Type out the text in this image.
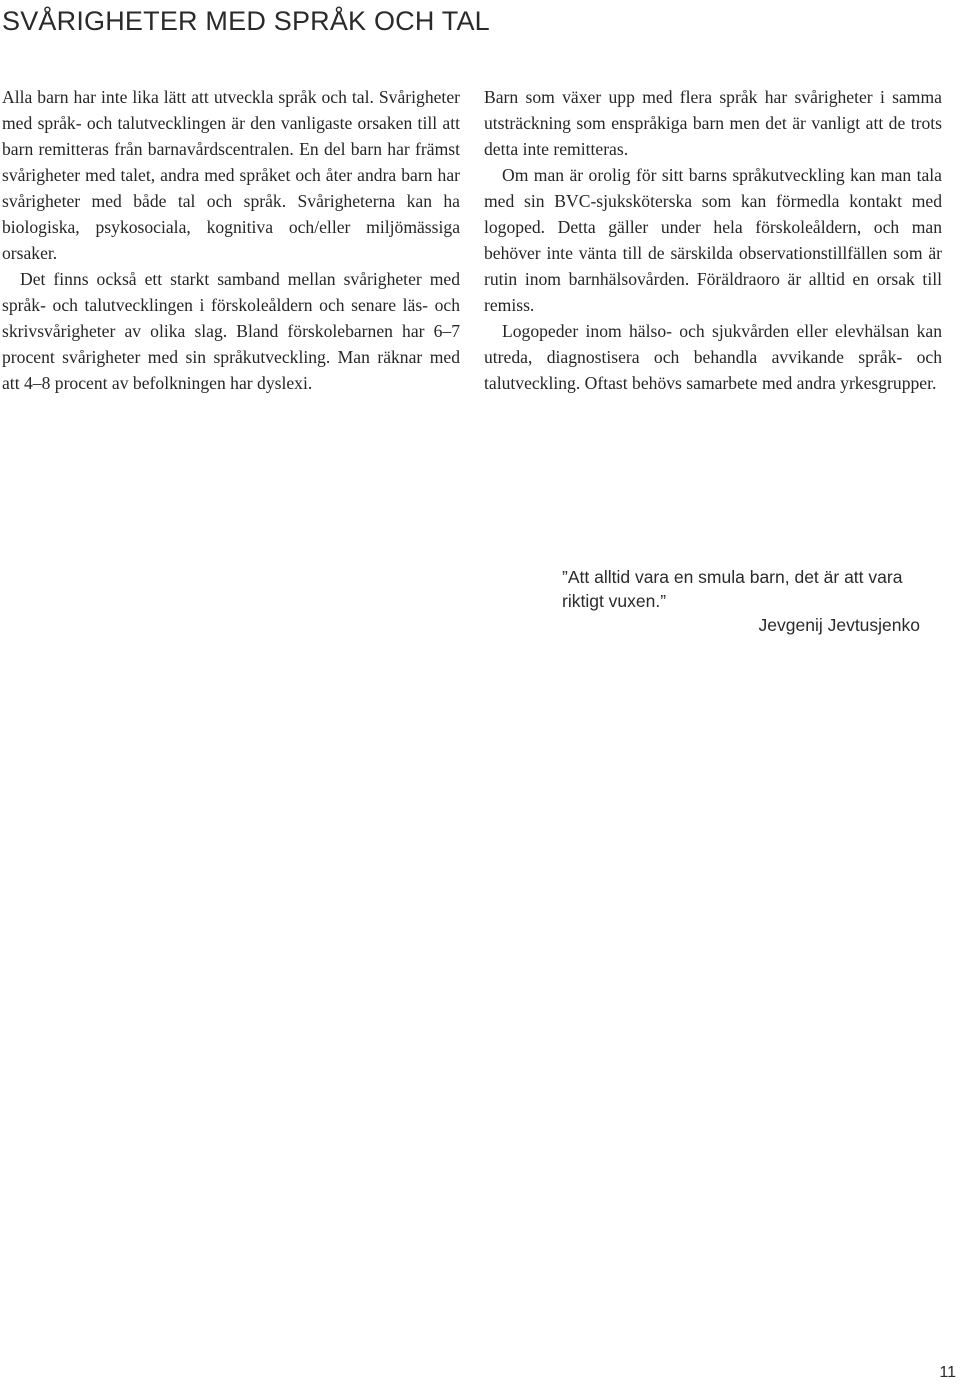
SVÅRIGHETER MED SPRÅK OCH TAL

Alla barn har inte lika lätt att utveckla språk och tal. Svårigheter med språk- och talutvecklingen är den vanligaste orsaken till att barn remitteras från barnavårdscentralen. En del barn har främst svårigheter med talet, andra med språket och åter andra barn har svårigheter med både tal och språk. Svårigheterna kan ha biologiska, psykosociala, kognitiva och/eller miljömässiga orsaker.

Det finns också ett starkt samband mellan svårigheter med språk- och talutvecklingen i förskoleåldern och senare läs- och skrivsvårigheter av olika slag. Bland förskolebarnen har 6–7 procent svårigheter med sin språkutveckling. Man räknar med att 4–8 procent av befolkningen har dyslexi.

Barn som växer upp med flera språk har svårigheter i samma utsträckning som enspråkiga barn men det är vanligt att de trots detta inte remitteras.

Om man är orolig för sitt barns språkutveckling kan man tala med sin BVC-sjuksköterska som kan förmedla kontakt med logoped. Detta gäller under hela förskoleåldern, och man behöver inte vänta till de särskilda observationstillfällen som är rutin inom barnhälsovården. Föräldraoro är alltid en orsak till remiss.

Logopeder inom hälso- och sjukvården eller elevhälsan kan utreda, diagnostisera och behandla avvikande språk- och talutveckling. Oftast behövs samarbete med andra yrkesgrupper.

”Att alltid vara en smula barn, det är att vara riktigt vuxen.”

Jevgenij Jevtusjenko

11
